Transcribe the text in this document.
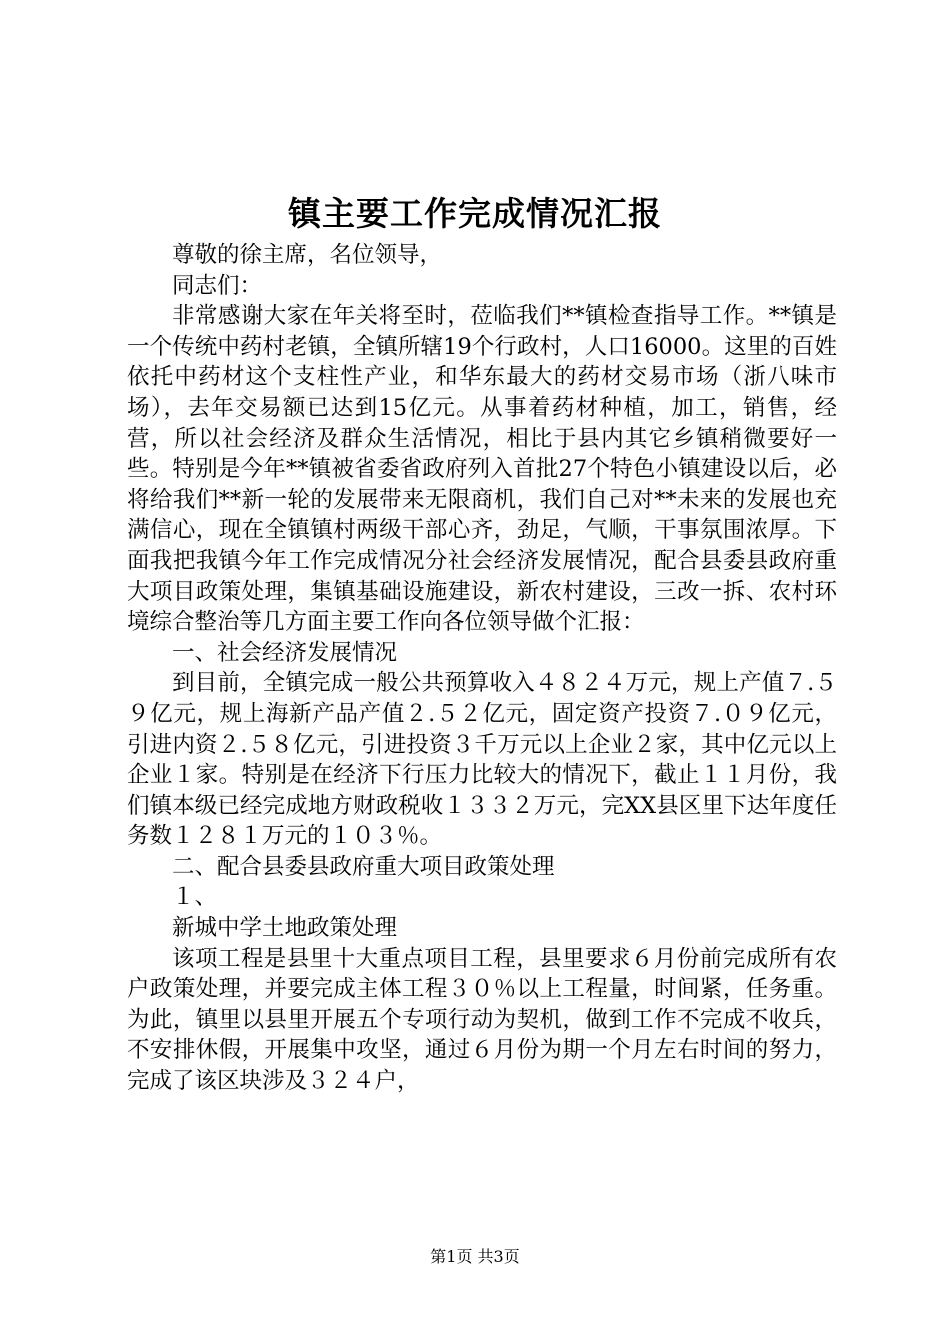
镇主要工作完成情况汇报

尊敬的徐主席，名位领导，

同志们：

非常感谢大家在年关将至时，莅临我们**镇检查指导工作。**镇是一个传统中药村老镇，全镇所辖19个行政村，人口16000。这里的百姓依托中药材这个支柱性产业，和华东最大的药材交易市场（浙八味市场），去年交易额已达到15亿元。从事着药材种植，加工，销售，经营，所以社会经济及群众生活情况，相比于县内其它乡镇稍微要好一些。特别是今年**镇被省委省政府列入首批27个特色小镇建设以后，必将给我们**新一轮的发展带来无限商机，我们自己对**未来的发展也充满信心，现在全镇镇村两级干部心齐，劲足，气顺，干事氛围浓厚。下面我把我镇今年工作完成情况分社会经济发展情况，配合县委县政府重大项目政策处理，集镇基础设施建设，新农村建设，三改一拆、农村环境综合整治等几方面主要工作向各位领导做个汇报：

一、社会经济发展情况

到目前，全镇完成一般公共预算收入４８２４万元，规上产值７.５９亿元，规上海新产品产值２.５２亿元，固定资产投资７.０９亿元，引进内资２.５８亿元，引进投资３千万元以上企业２家，其中亿元以上企业１家。特别是在经济下行压力比较大的情况下，截止１１月份，我们镇本级已经完成地方财政税收１３３２万元，完XX县区里下达年度任务数１２８１万元的１０３％。

二、配合县委县政府重大项目政策处理

１、

新城中学土地政策处理

该项工程是县里十大重点项目工程，县里要求６月份前完成所有农户政策处理，并要完成主体工程３０％以上工程量，时间紧，任务重。为此，镇里以县里开展五个专项行动为契机，做到工作不完成不收兵，不安排休假，开展集中攻坚，通过６月份为期一个月左右时间的努力，完成了该区块涉及３２４户，

第1页 共3页
